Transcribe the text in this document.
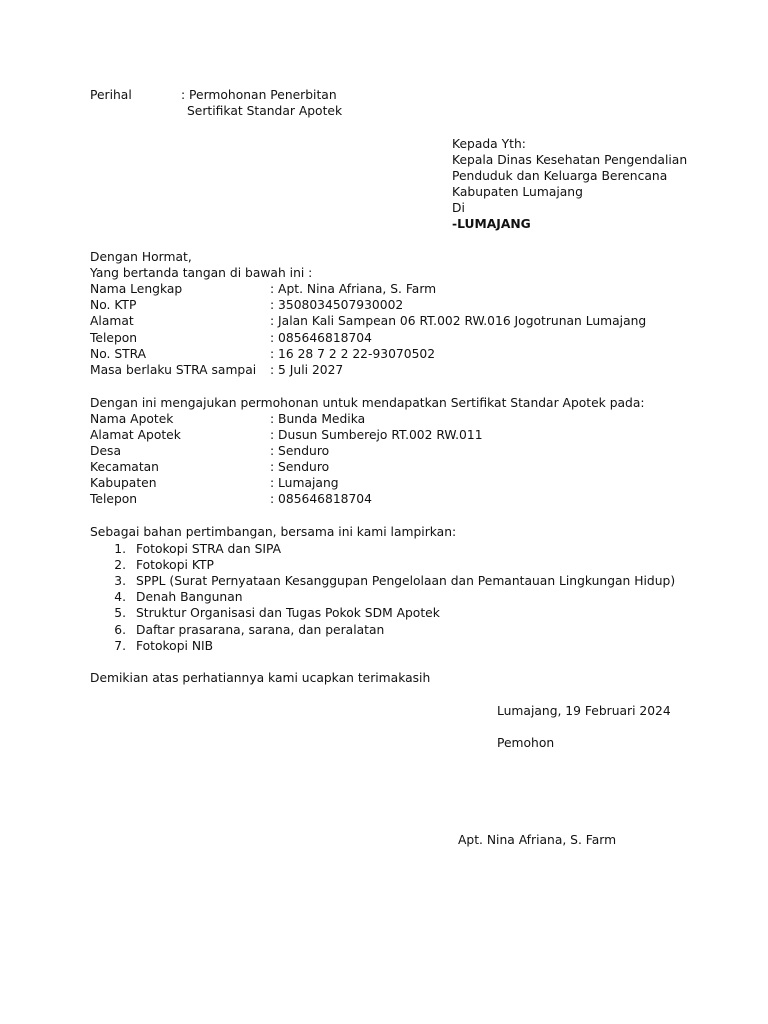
Perihal	: Permohonan Penerbitan
Sertifikat Standar Apotek
Kepada Yth:
Kepala Dinas Kesehatan Pengendalian
Penduduk dan Keluarga Berencana
Kabupaten Lumajang
Di
-LUMAJANG
Dengan Hormat,
Yang bertanda tangan di bawah ini :
Nama Lengkap	: Apt. Nina Afriana, S. Farm
No. KTP	: 3508034507930002
Alamat	: Jalan Kali Sampean 06 RT.002 RW.016 Jogotrunan Lumajang
Telepon	: 085646818704
No. STRA	: 16 28 7 2 2 22-93070502
Masa berlaku STRA sampai : 5 Juli 2027
Dengan ini mengajukan permohonan untuk mendapatkan Sertifikat Standar Apotek pada:
Nama Apotek	: Bunda Medika
Alamat Apotek	: Dusun Sumberejo RT.002 RW.011
Desa	: Senduro
Kecamatan	: Senduro
Kabupaten	: Lumajang
Telepon	: 085646818704
Sebagai bahan pertimbangan, bersama ini kami lampirkan:
1. Fotokopi STRA dan SIPA
2. Fotokopi KTP
3. SPPL (Surat Pernyataan Kesanggupan Pengelolaan dan Pemantauan Lingkungan Hidup)
4. Denah Bangunan
5. Struktur Organisasi dan Tugas Pokok SDM Apotek
6. Daftar prasarana, sarana, dan peralatan
7. Fotokopi NIB
Demikian atas perhatiannya kami ucapkan terimakasih
Lumajang, 19 Februari 2024
Pemohon
Apt. Nina Afriana, S. Farm
